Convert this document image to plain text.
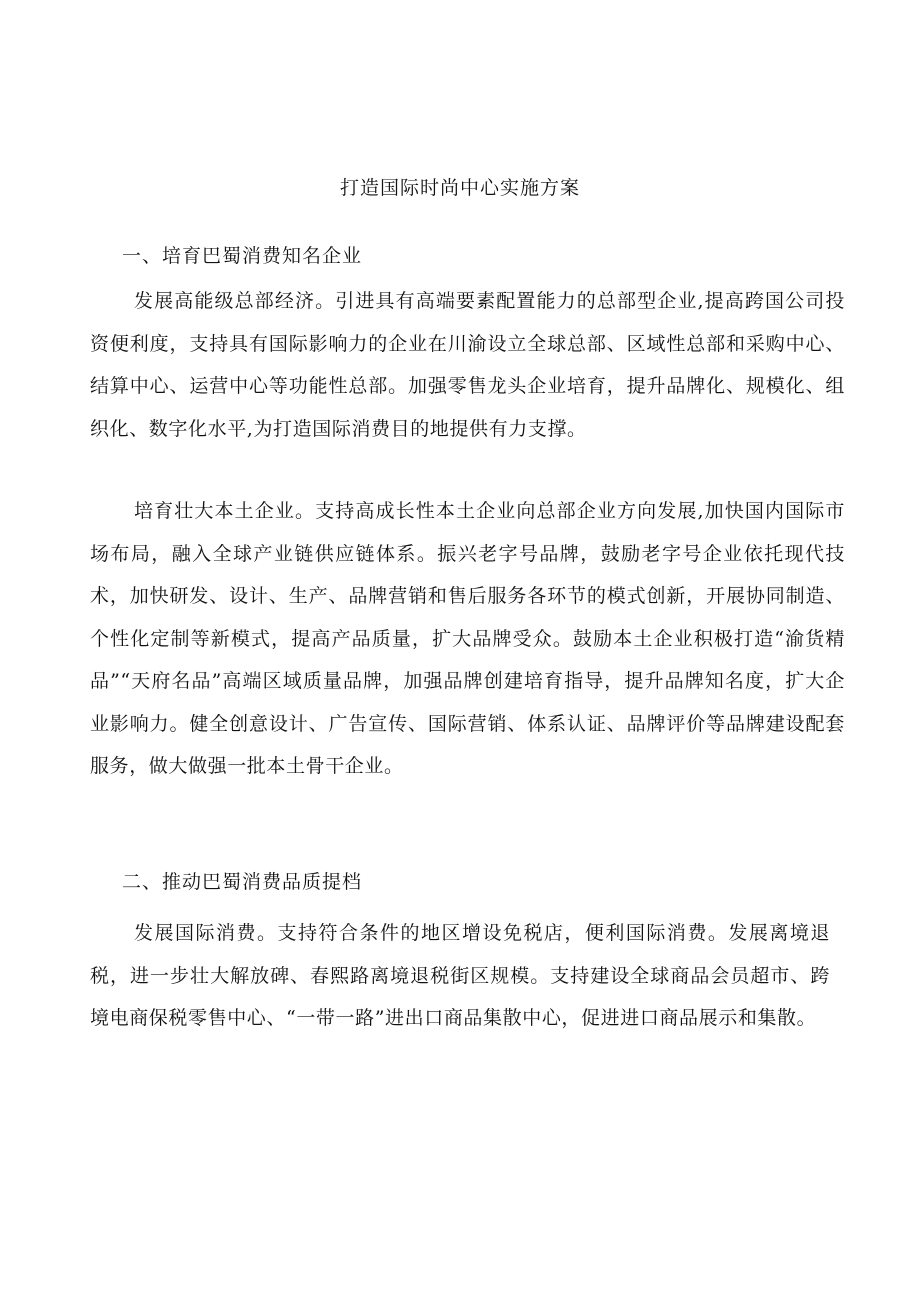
打造国际时尚中心实施方案
一、培育巴蜀消费知名企业

发展高能级总部经济。引进具有高端要素配置能力的总部型企业,提高跨国公司投资便利度，支持具有国际影响力的企业在川渝设立全球总部、区域性总部和采购中心、结算中心、运营中心等功能性总部。加强零售龙头企业培育，提升品牌化、规模化、组织化、数字化水平,为打造国际消费目的地提供有力支撑。

培育壮大本土企业。支持高成长性本土企业向总部企业方向发展,加快国内国际市场布局，融入全球产业链供应链体系。振兴老字号品牌，鼓励老字号企业依托现代技术，加快研发、设计、生产、品牌营销和售后服务各环节的模式创新，开展协同制造、个性化定制等新模式，提高产品质量，扩大品牌受众。鼓励本土企业积极打造“渝货精品”“天府名品”高端区域质量品牌，加强品牌创建培育指导，提升品牌知名度，扩大企业影响力。健全创意设计、广告宣传、国际营销、体系认证、品牌评价等品牌建设配套服务，做大做强一批本土骨干企业。

二、推动巴蜀消费品质提档

发展国际消费。支持符合条件的地区增设免税店，便利国际消费。发展离境退税，进一步壮大解放碑、春熙路离境退税街区规模。支持建设全球商品会员超市、跨境电商保税零售中心、“一带一路”进出口商品集散中心，促进进口商品展示和集散。
